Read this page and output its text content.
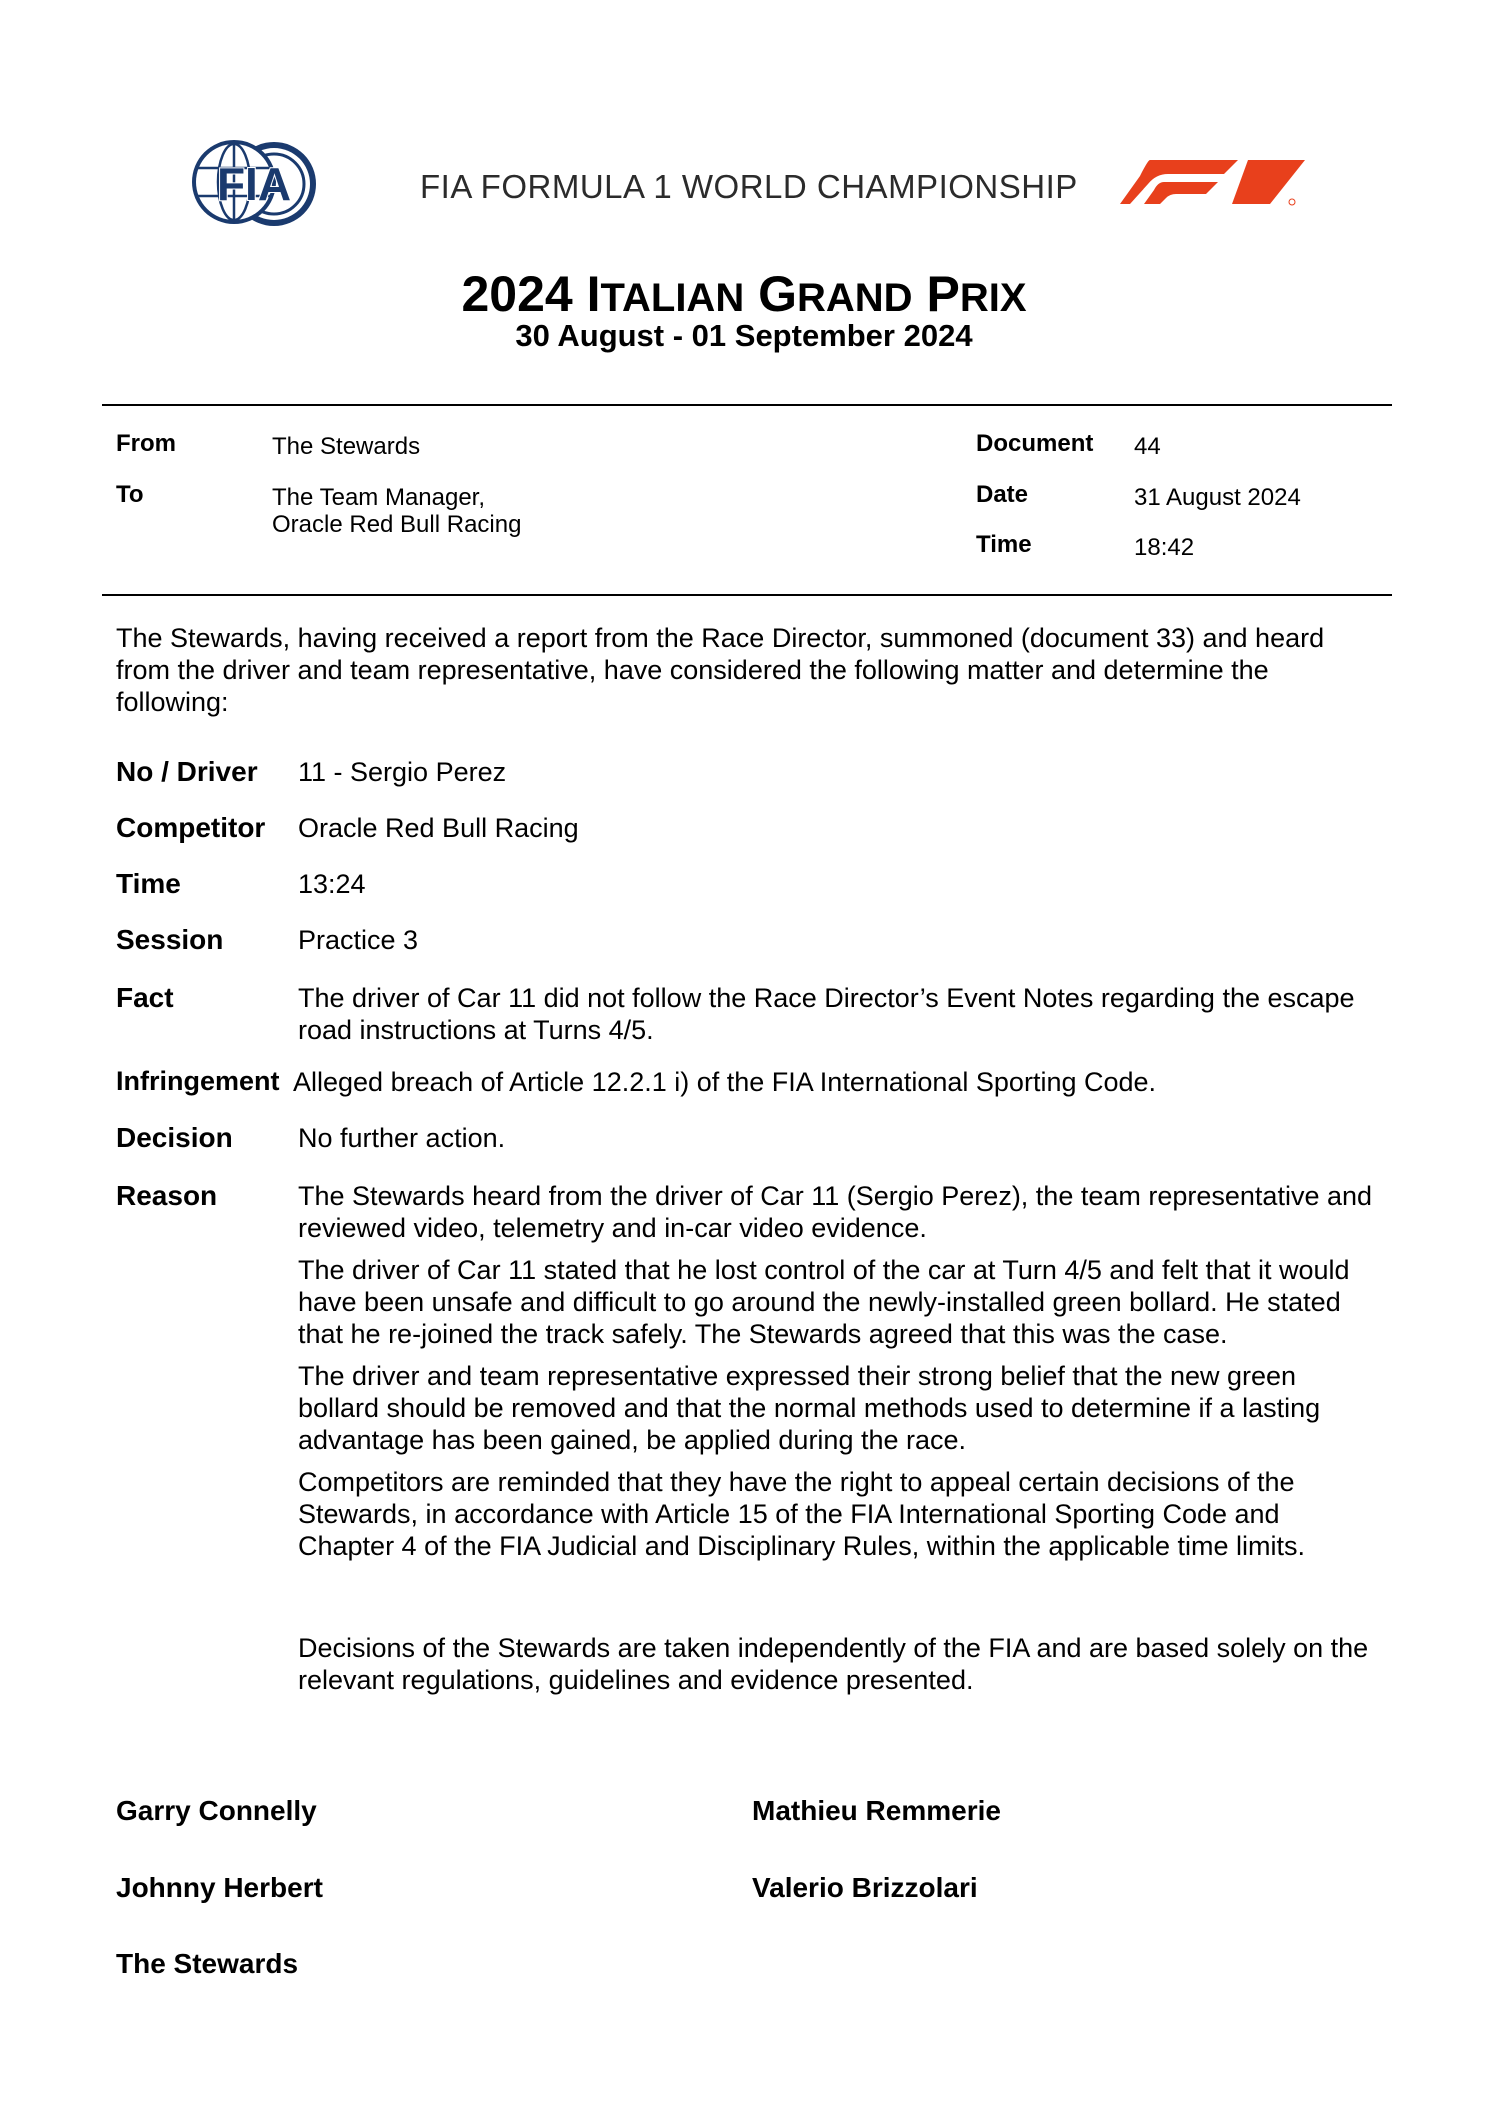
FIA	FIA FORMULA 1 WORLD CHAMPIONSHIP
2024 ITALIAN GRAND PRIX
30 August - 01 September 2024
From	The Stewards
To	The Team Manager,
Oracle Red Bull Racing
Document 44
Date	31 August 2024
Time	18:42
The Stewards, having received a report from the Race Director, summoned (document 33) and heard from the driver and team representative, have considered the following matter and determine the following:
No / Driver 11 - Sergio Perez
Competitor Oracle Red Bull Racing
Time	13:24
Session	Practice 3
Fact	The driver of Car 11 did not follow the Race Director’s Event Notes regarding the escape road instructions at Turns 4/5.
Infringement Alleged breach of Article 12.2.1 i) of the FIA International Sporting Code.
Decision No further action.
Reason	The Stewards heard from the driver of Car 11 (Sergio Perez), the team representative and reviewed video, telemetry and in-car video evidence.

The driver of Car 11 stated that he lost control of the car at Turn 4/5 and felt that it would have been unsafe and difficult to go around the newly-installed green bollard. He stated that he re-joined the track safely. The Stewards agreed that this was the case.

The driver and team representative expressed their strong belief that the new green bollard should be removed and that the normal methods used to determine if a lasting advantage has been gained, be applied during the race.

Competitors are reminded that they have the right to appeal certain decisions of the Stewards, in accordance with Article 15 of the FIA International Sporting Code and Chapter 4 of the FIA Judicial and Disciplinary Rules, within the applicable time limits.

Decisions of the Stewards are taken independently of the FIA and are based solely on the relevant regulations, guidelines and evidence presented.
Garry Connelly	Mathieu Remmerie
Johnny Herbert	Valerio Brizzolari
The Stewards
